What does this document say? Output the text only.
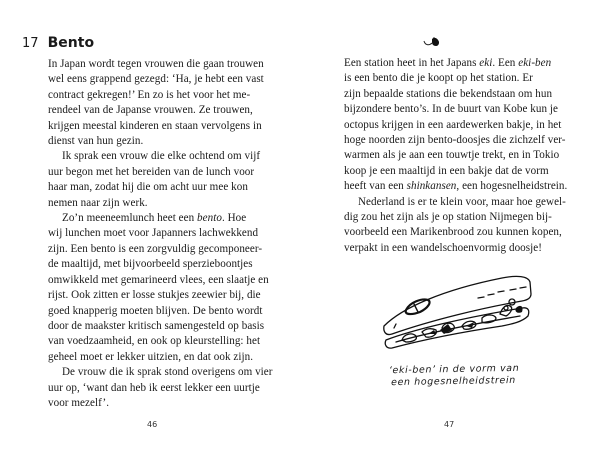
17 Bento
In Japan wordt tegen vrouwen die gaan trouwen
wel eens grappend gezegd: ‘Ha, je hebt een vast
contract gekregen!’ En zo is het voor het me-
rendeel van de Japanse vrouwen. Ze trouwen,
krijgen meestal kinderen en staan vervolgens in
dienst van hun gezin.
Ik sprak een vrouw die elke ochtend om vijf
uur begon met het bereiden van de lunch voor
haar man, zodat hij die om acht uur mee kon
nemen naar zijn werk.
Zo’n meeneemlunch heet een bento. Hoe
wij lunchen moet voor Japanners lachwekkend
zijn. Een bento is een zorgvuldig gecomponeer-
de maaltijd, met bijvoorbeeld sperzieboontjes
omwikkeld met gemarineerd vlees, een slaatje en
rijst. Ook zitten er losse stukjes zeewier bij, die
goed knapperig moeten blijven. De bento wordt
door de maakster kritisch samengesteld op basis
van voedzaamheid, en ook op kleurstelling: het
geheel moet er lekker uitzien, en dat ook zijn.
De vrouw die ik sprak stond overigens om vier
uur op, ‘want dan heb ik eerst lekker een uurtje
voor mezelf’.
46
Een station heet in het Japans eki. Een eki-ben
is een bento die je koopt op het station. Er
zijn bepaalde stations die bekendstaan om hun
bijzondere bento’s. In de buurt van Kobe kun je
octopus krijgen in een aardewerken bakje, in het
hoge noorden zijn bento-doosjes die zichzelf ver-
warmen als je aan een touwtje trekt, en in Tokio
koop je een maaltijd in een bakje dat de vorm
heeft van een shinkansen, een hogesnelheidstrein.
Nederland is er te klein voor, maar hoe gewel-
dig zou het zijn als je op station Nijmegen bij-
voorbeeld een Marikenbrood zou kunnen kopen,
verpakt in een wandelschoenvormig doosje!
‘eki-ben’ in de vorm van
een hogesnelheidstrein
47
